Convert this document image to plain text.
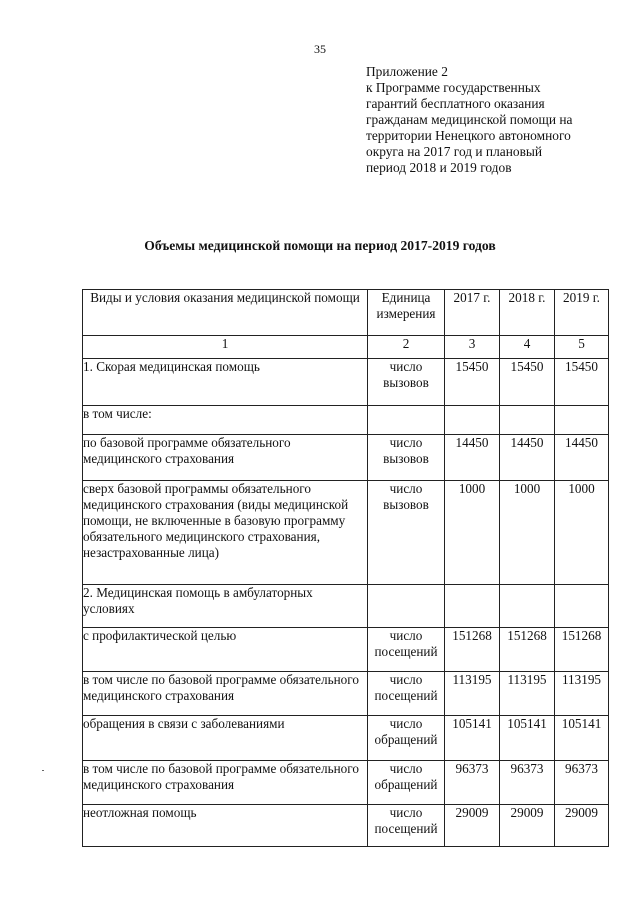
35
Приложение 2
к Программе государственных
гарантий бесплатного оказания
гражданам медицинской помощи на
территории Ненецкого автономного
округа на 2017 год и плановый
период 2018 и 2019 годов
Объемы медицинской помощи на период 2017-2019 годов
Виды и условия оказания медицинской помощи	Единица измерения	2017 г.	2018 г.	2019 г.
1	2	3	4	5
1. Скорая медицинская помощь	число вызовов	15450	15450	15450
в том числе:				
по базовой программе обязательного медицинского страхования	число вызовов	14450	14450	14450
сверх базовой программы обязательного медицинского страхования (виды медицинской помощи, не включенные в базовую программу обязательного медицинского страхования, незастрахованные лица)	число вызовов	1000	1000	1000
2. Медицинская помощь в амбулаторных условиях				
с профилактической целью	число посещений	151268	151268	151268
в том числе по базовой программе обязательного медицинского страхования	число посещений	113195	113195	113195
обращения в связи с заболеваниями	число обращений	105141	105141	105141
в том числе по базовой программе обязательного медицинского страхования	число обращений	96373	96373	96373
неотложная помощь	число посещений	29009	29009	29009
